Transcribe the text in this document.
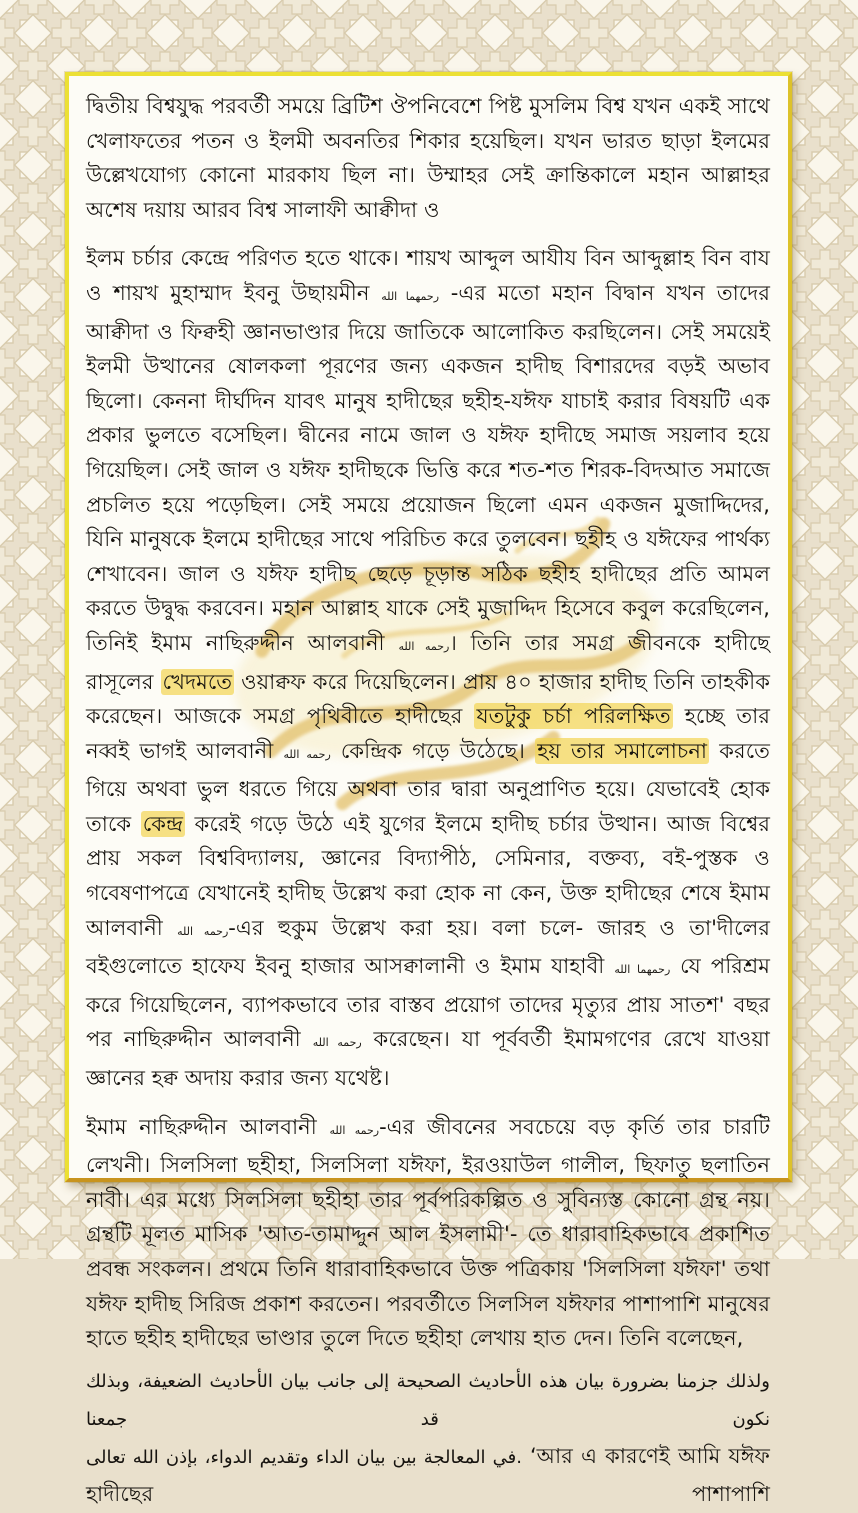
দ্বিতীয় বিশ্বযুদ্ধ পরবর্তী সময়ে ব্রিটিশ ঔপনিবেশে পিষ্ট মুসলিম বিশ্ব যখন একই সাথে খেলাফতের পতন ও ইলমী অবনতির শিকার হয়েছিল। যখন ভারত ছাড়া ইলমের উল্লেখযোগ্য কোনো মারকায ছিল না। উম্মাহর সেই ক্রান্তিকালে মহান আল্লাহর অশেষ দয়ায় আরব বিশ্ব সালাফী আক্বীদা ও
ইলম চর্চার কেন্দ্রে পরিণত হতে থাকে। শায়খ আব্দুল আযীয বিন আব্দুল্লাহ বিন বায ও শায়খ মুহাম্মাদ ইবনু উছায়মীন رحمهما الله -এর মতো মহান বিদ্বান যখন তাদের আক্বীদা ও ফিক্বহী জ্ঞানভাণ্ডার দিয়ে জাতিকে আলোকিত করছিলেন। সেই সময়েই ইলমী উত্থানের ষোলকলা পূরণের জন্য একজন হাদীছ বিশারদের বড়ই অভাব ছিলো। কেননা দীর্ঘদিন যাবৎ মানুষ হাদীছের ছহীহ-যঈফ যাচাই করার বিষয়টি এক প্রকার ভুলতে বসেছিল। দ্বীনের নামে জাল ও যঈফ হাদীছে সমাজ সয়লাব হয়ে গিয়েছিল। সেই জাল ও যঈফ হাদীছকে ভিত্তি করে শত-শত শিরক-বিদআত সমাজে প্রচলিত হয়ে পড়েছিল। সেই সময়ে প্রয়োজন ছিলো এমন একজন মুজাদ্দিদের, যিনি মানুষকে ইলমে হাদীছের সাথে পরিচিত করে তুলবেন। ছহীহ ও যঈফের পার্থক্য শেখাবেন। জাল ও যঈফ হাদীছ ছেড়ে চূড়ান্ত সঠিক ছহীহ হাদীছের প্রতি আমল করতে উদ্বুদ্ধ করবেন। মহান আল্লাহ যাকে সেই মুজাদ্দিদ হিসেবে কবুল করেছিলেন, তিনিই ইমাম নাছিরুদ্দীন আলবানী رحمه الله। তিনি তার সমগ্র জীবনকে হাদীছে রাসূলের খেদমতে ওয়াক্বফ করে দিয়েছিলেন। প্রায় ৪০ হাজার হাদীছ তিনি তাহকীক করেছেন। আজকে সমগ্র পৃথিবীতে হাদীছের যতটুকু চর্চা পরিলক্ষিত হচ্ছে তার নব্বই ভাগই আলবানী رحمه الله কেন্দ্রিক গড়ে উঠেছে। হয় তার সমালোচনা করতে গিয়ে অথবা ভুল ধরতে গিয়ে অথবা তার দ্বারা অনুপ্রাণিত হয়ে। যেভাবেই হোক তাকে কেন্দ্র করেই গড়ে উঠে এই যুগের ইলমে হাদীছ চর্চার উত্থান। আজ বিশ্বের প্রায় সকল বিশ্ববিদ্যালয়, জ্ঞানের বিদ্যাপীঠ, সেমিনার, বক্তব্য, বই-পুস্তক ও গবেষণাপত্রে যেখানেই হাদীছ উল্লেখ করা হোক না কেন, উক্ত হাদীছের শেষে ইমাম আলবানী رحمه الله-এর হুকুম উল্লেখ করা হয়। বলা চলে- জারহ ও তা'দীলের বইগুলোতে হাফেয ইবনু হাজার আসক্বালানী ও ইমাম যাহাবী رحمهما الله যে পরিশ্রম করে গিয়েছিলেন, ব্যাপকভাবে তার বাস্তব প্রয়োগ তাদের মৃত্যুর প্রায় সাতশ' বছর পর নাছিরুদ্দীন আলবানী رحمه الله করেছেন। যা পূর্ববর্তী ইমামগণের রেখে যাওয়া জ্ঞানের হক্ব অদায় করার জন্য যথেষ্ট।
ইমাম নাছিরুদ্দীন আলবানী رحمه الله-এর জীবনের সবচেয়ে বড় কৃর্তি তার চারটি লেখনী। সিলসিলা ছহীহা, সিলসিলা যঈফা, ইরওয়াউল গালীল, ছিফাতু ছলাতিন নাবী। এর মধ্যে সিলসিলা ছহীহা তার পূর্বপরিকল্পিত ও সুবিন্যস্ত কোনো গ্রন্থ নয়। গ্রন্থটি মূলত মাসিক 'আত-তামাদ্দুন আল ইসলামী'- তে ধারাবাহিকভাবে প্রকাশিত প্রবন্ধ সংকলন। প্রথমে তিনি ধারাবাহিকভাবে উক্ত পত্রিকায় 'সিলসিলা যঈফা' তথা যঈফ হাদীছ সিরিজ প্রকাশ করতেন। পরবর্তীতে সিলসিল যঈফার পাশাপাশি মানুষের হাতে ছহীহ হাদীছের ভাণ্ডার তুলে দিতে ছহীহা লেখায় হাত দেন। তিনি বলেছেন,
ولذلك جزمنا بضرورة بيان هذه الأحاديث الصحيحة إلى جانب بيان الأحاديث الضعيفة، وبذلك نكون قد جمعنا
في المعالجة بين بيان الداء وتقديم الدواء، بإذن الله تعالى. ‘আর এ কারণেই আমি যঈফ হাদীছের পাশাপাশি
